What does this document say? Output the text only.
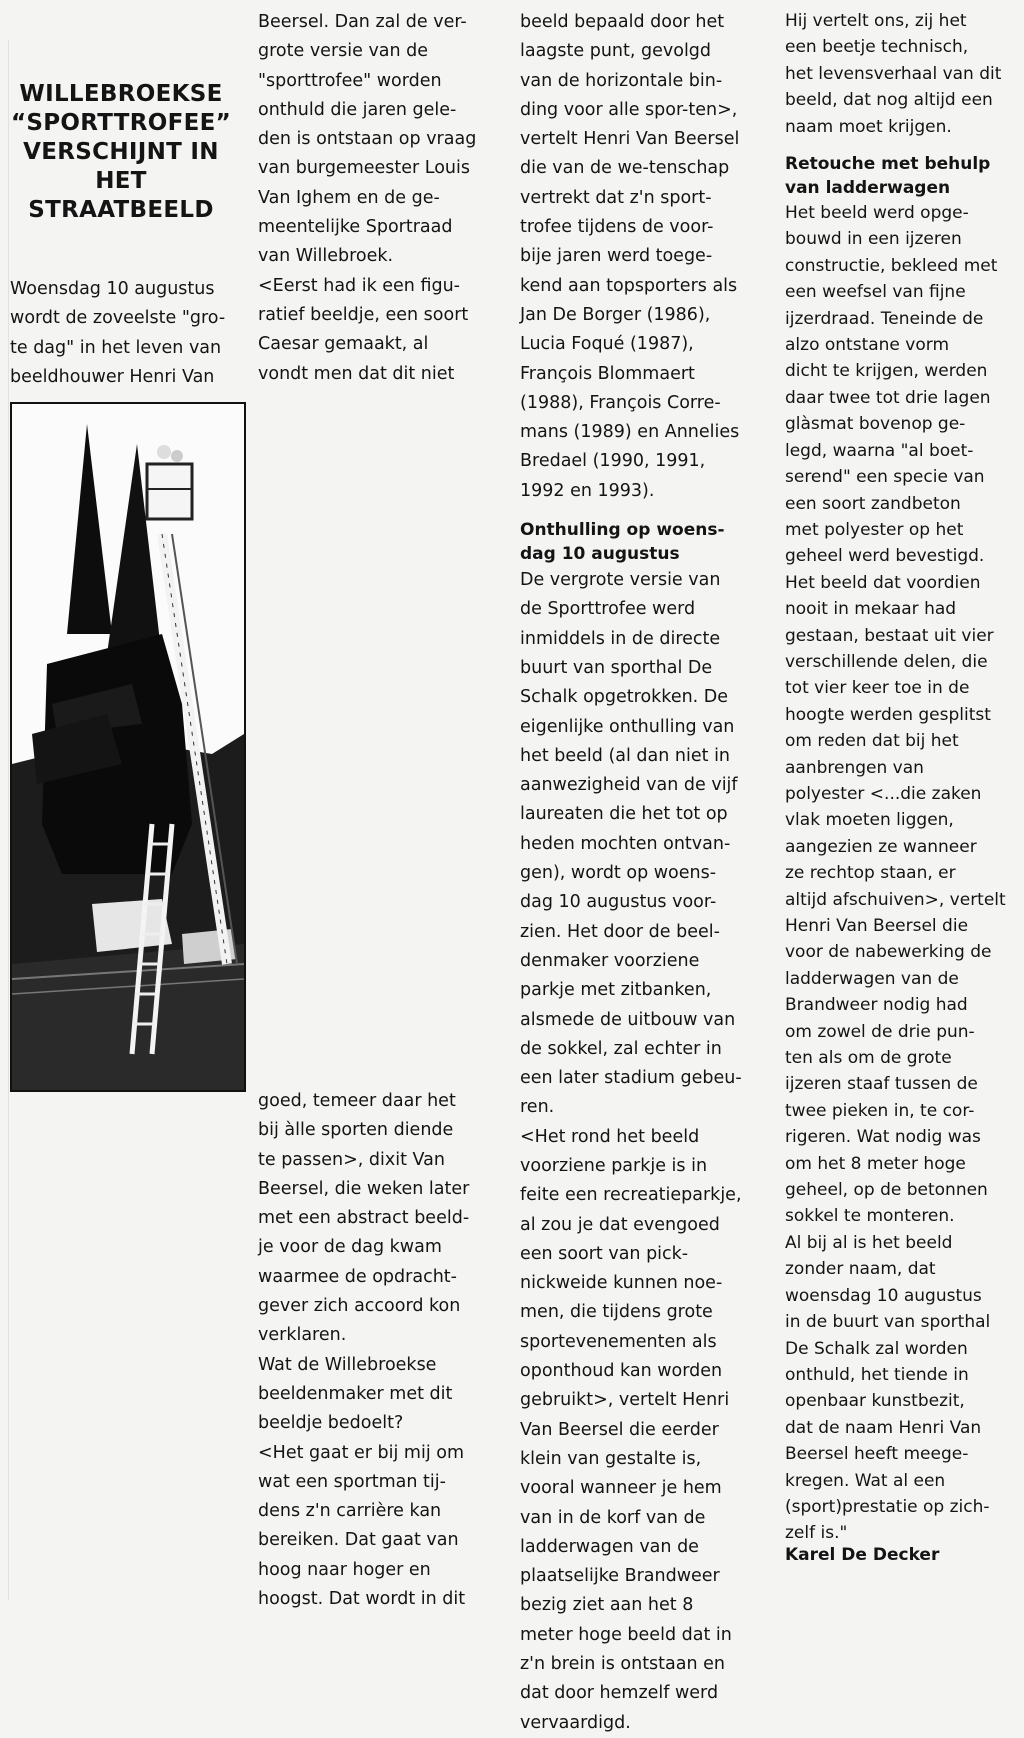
WILLEBROEKSE
“SPORTTROFEE”
VERSCHIJNT IN
HET
STRAATBEELD
Woensdag 10 augustus
wordt de zoveelste "gro-
te dag" in het leven van
beeldhouwer Henri Van
Beersel. Dan zal de ver-
grote versie van de
"sporttrofee" worden
onthuld die jaren gele-
den is ontstaan op vraag
van burgemeester Louis
Van Ighem en de ge-
meentelijke Sportraad
van Willebroek.
<Eerst had ik een figu-
ratief beeldje, een soort
Caesar gemaakt, al
vondt men dat dit niet
goed, temeer daar het
bij àlle sporten diende
te passen>, dixit Van
Beersel, die weken later
met een abstract beeld-
je voor de dag kwam
waarmee de opdracht-
gever zich accoord kon
verklaren.
Wat de Willebroekse
beeldenmaker met dit
beeldje bedoelt?
<Het gaat er bij mij om
wat een sportman tij-
dens z'n carrière kan
bereiken. Dat gaat van
hoog naar hoger en
hoogst. Dat wordt in dit
beeld bepaald door het
laagste punt, gevolgd
van de horizontale bin-
ding voor alle spor-ten>,
vertelt Henri Van Beersel
die van de we-tenschap
vertrekt dat z'n sport-
trofee tijdens de voor-
bije jaren werd toege-
kend aan topsporters als
Jan De Borger (1986),
Lucia Foqué (1987),
François Blommaert
(1988), François Corre-
mans (1989) en Annelies
Bredael (1990, 1991,
1992 en 1993).
Onthulling op woens-
dag 10 augustus
De vergrote versie van
de Sporttrofee werd
inmiddels in de directe
buurt van sporthal De
Schalk opgetrokken. De
eigenlijke onthulling van
het beeld (al dan niet in
aanwezigheid van de vijf
laureaten die het tot op
heden mochten ontvan-
gen), wordt op woens-
dag 10 augustus voor-
zien. Het door de beel-
denmaker voorziene
parkje met zitbanken,
alsmede de uitbouw van
de sokkel, zal echter in
een later stadium gebeu-
ren.
<Het rond het beeld
voorziene parkje is in
feite een recreatieparkje,
al zou je dat evengoed
een soort van pick-
nickweide kunnen noe-
men, die tijdens grote
sportevenementen als
oponthoud kan worden
gebruikt>, vertelt Henri
Van Beersel die eerder
klein van gestalte is,
vooral wanneer je hem
van in de korf van de
ladderwagen van de
plaatselijke Brandweer
bezig ziet aan het 8
meter hoge beeld dat in
z'n brein is ontstaan en
dat door hemzelf werd
vervaardigd.
Hij vertelt ons, zij het
een beetje technisch,
het levensverhaal van dit
beeld, dat nog altijd een
naam moet krijgen.
Retouche met behulp
van ladderwagen
Het beeld werd opge-
bouwd in een ijzeren
constructie, bekleed met
een weefsel van fijne
ijzerdraad. Teneinde de
alzo ontstane vorm
dicht te krijgen, werden
daar twee tot drie lagen
glàsmat bovenop ge-
legd, waarna "al boet-
serend" een specie van
een soort zandbeton
met polyester op het
geheel werd bevestigd.
Het beeld dat voordien
nooit in mekaar had
gestaan, bestaat uit vier
verschillende delen, die
tot vier keer toe in de
hoogte werden gesplitst
om reden dat bij het
aanbrengen van
polyester <...die zaken
vlak moeten liggen,
aangezien ze wanneer
ze rechtop staan, er
altijd afschuiven>, vertelt
Henri Van Beersel die
voor de nabewerking de
ladderwagen van de
Brandweer nodig had
om zowel de drie pun-
ten als om de grote
ijzeren staaf tussen de
twee pieken in, te cor-
rigeren. Wat nodig was
om het 8 meter hoge
geheel, op de betonnen
sokkel te monteren.
Al bij al is het beeld
zonder naam, dat
woensdag 10 augustus
in de buurt van sporthal
De Schalk zal worden
onthuld, het tiende in
openbaar kunstbezit,
dat de naam Henri Van
Beersel heeft meege-
kregen. Wat al een
(sport)prestatie op zich-
zelf is."
Karel De Decker
